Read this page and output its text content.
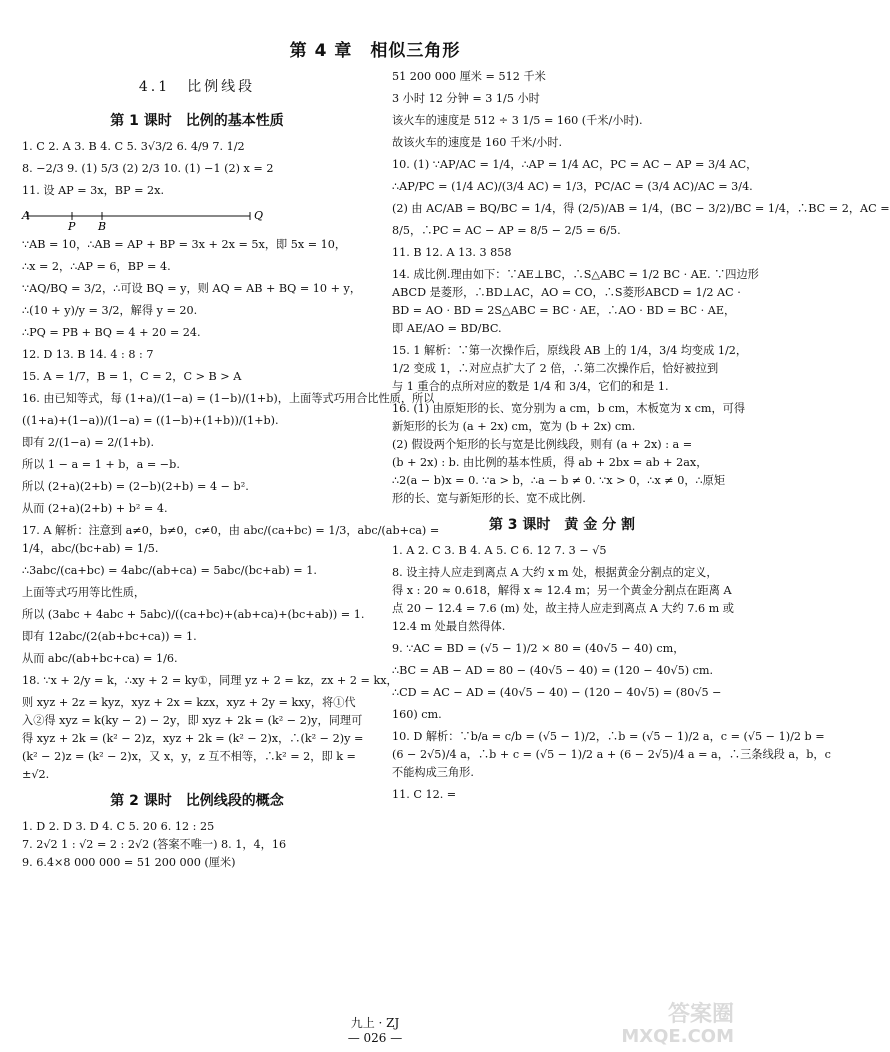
第 4 章　相似三角形
4.1　比例线段
第 1 课时　比例的基本性质
1. C 2. A 3. B 4. C 5. 3√3/2 6. 4/9 7. 1/2
8. −2/3 9. (1) 5/3 (2) 2/3 10. (1) −1 (2) x = 2
11. 设 AP = 3x，BP = 2x.
A
P B
Q
∵AB = 10，∴AB = AP + BP = 3x + 2x = 5x，即 5x = 10，
∴x = 2，∴AP = 6，BP = 4.
∵AQ/BQ = 3/2，∴可设 BQ = y，则 AQ = AB + BQ = 10 + y，
∴(10 + y)/y = 3/2，解得 y = 20.
∴PQ = PB + BQ = 4 + 20 = 24.
12. D 13. B 14. 4 : 8 : 7
15. A = 1/7，B = 1，C = 2，C > B > A
16. 由已知等式，每 (1+a)/(1−a) = (1−b)/(1+b)，上面等式巧用合比性质，所以
((1+a)+(1−a))/(1−a) = ((1−b)+(1+b))/(1+b).
即有 2/(1−a) = 2/(1+b).
所以 1 − a = 1 + b，a = −b.
所以 (2+a)(2+b) = (2−b)(2+b) = 4 − b².
从而 (2+a)(2+b) + b² = 4.
17. A 解析：注意到 a≠0，b≠0，c≠0，由 abc/(ca+bc) = 1/3，abc/(ab+ca) =
1/4，abc/(bc+ab) = 1/5.
∴3abc/(ca+bc) = 4abc/(ab+ca) = 5abc/(bc+ab) = 1.
上面等式巧用等比性质，
所以 (3abc + 4abc + 5abc)/((ca+bc)+(ab+ca)+(bc+ab)) = 1.
即有 12abc/(2(ab+bc+ca)) = 1.
从而 abc/(ab+bc+ca) = 1/6.
18. ∵x + 2/y = k，∴xy + 2 = ky①，同理 yz + 2 = kz，zx + 2 = kx，
则 xyz + 2z = kyz，xyz + 2x = kzx，xyz + 2y = kxy，将①代
入②得 xyz = k(ky − 2) − 2y，即 xyz + 2k = (k² − 2)y，同理可
得 xyz + 2k = (k² − 2)z，xyz + 2k = (k² − 2)x，∴(k² − 2)y =
(k² − 2)z = (k² − 2)x，又 x，y，z 互不相等，∴k² = 2，即 k =
±√2.
第 2 课时　比例线段的概念
1. D 2. D 3. D 4. C 5. 20 6. 12 : 25
7. 2√2 1 : √2 = 2 : 2√2 (答案不唯一) 8. 1，4，16
9. 6.4×8 000 000 = 51 200 000 (厘米)
51 200 000 厘米 = 512 千米
3 小时 12 分钟 = 3 1/5 小时
该火车的速度是 512 ÷ 3 1/5 = 160 (千米/小时).
故该火车的速度是 160 千米/小时.
10. (1) ∵AP/AC = 1/4，∴AP = 1/4 AC，PC = AC − AP = 3/4 AC，
∴AP/PC = (1/4 AC)/(3/4 AC) = 1/3，PC/AC = (3/4 AC)/AC = 3/4.
(2) 由 AC/AB = BQ/BC = 1/4，得 (2/5)/AB = 1/4，(BC − 3/2)/BC = 1/4，∴BC = 2，AC =
8/5，∴PC = AC − AP = 8/5 − 2/5 = 6/5.
11. B 12. A 13. 3 858
14. 成比例.理由如下：∵AE⊥BC，∴S△ABC = 1/2 BC · AE. ∵四边形
ABCD 是菱形，∴BD⊥AC，AO = CO，∴S菱形ABCD = 1/2 AC ·
BD = AO · BD = 2S△ABC = BC · AE，∴AO · BD = BC · AE，
即 AE/AO = BD/BC.
15. 1 解析：∵第一次操作后，原线段 AB 上的 1/4，3/4 均变成 1/2，
1/2 变成 1，∴对应点扩大了 2 倍，∴第二次操作后，恰好被拉到
与 1 重合的点所对应的数是 1/4 和 3/4，它们的和是 1.
16. (1) 由原矩形的长、宽分别为 a cm，b cm，木板宽为 x cm，可得
新矩形的长为 (a + 2x) cm，宽为 (b + 2x) cm.
(2) 假设两个矩形的长与宽是比例线段，则有 (a + 2x) : a =
(b + 2x) : b. 由比例的基本性质，得 ab + 2bx = ab + 2ax，
∴2(a − b)x = 0. ∵a > b，∴a − b ≠ 0. ∵x > 0，∴x ≠ 0，∴原矩
形的长、宽与新矩形的长、宽不成比例.
第 3 课时　黄 金 分 割
1. A 2. C 3. B 4. A 5. C 6. 12 7. 3 − √5
8. 设主持人应走到离点 A 大约 x m 处，根据黄金分割点的定义，
得 x : 20 ≈ 0.618，解得 x ≈ 12.4 m；另一个黄金分割点在距离 A
点 20 − 12.4 = 7.6 (m) 处，故主持人应走到离点 A 大约 7.6 m 或
12.4 m 处最自然得体.
9. ∵AC = BD = (√5 − 1)/2 × 80 = (40√5 − 40) cm，
∴BC = AB − AD = 80 − (40√5 − 40) = (120 − 40√5) cm.
∴CD = AC − AD = (40√5 − 40) − (120 − 40√5) = (80√5 −
160) cm.
10. D 解析：∵b/a = c/b = (√5 − 1)/2，∴b = (√5 − 1)/2 a，c = (√5 − 1)/2 b =
(6 − 2√5)/4 a，∴b + c = (√5 − 1)/2 a + (6 − 2√5)/4 a = a，∴三条线段 a，b，c
不能构成三角形.
11. C 12. =
九上 · ZJ
— 026 —
答案圈
MXQE.COM
